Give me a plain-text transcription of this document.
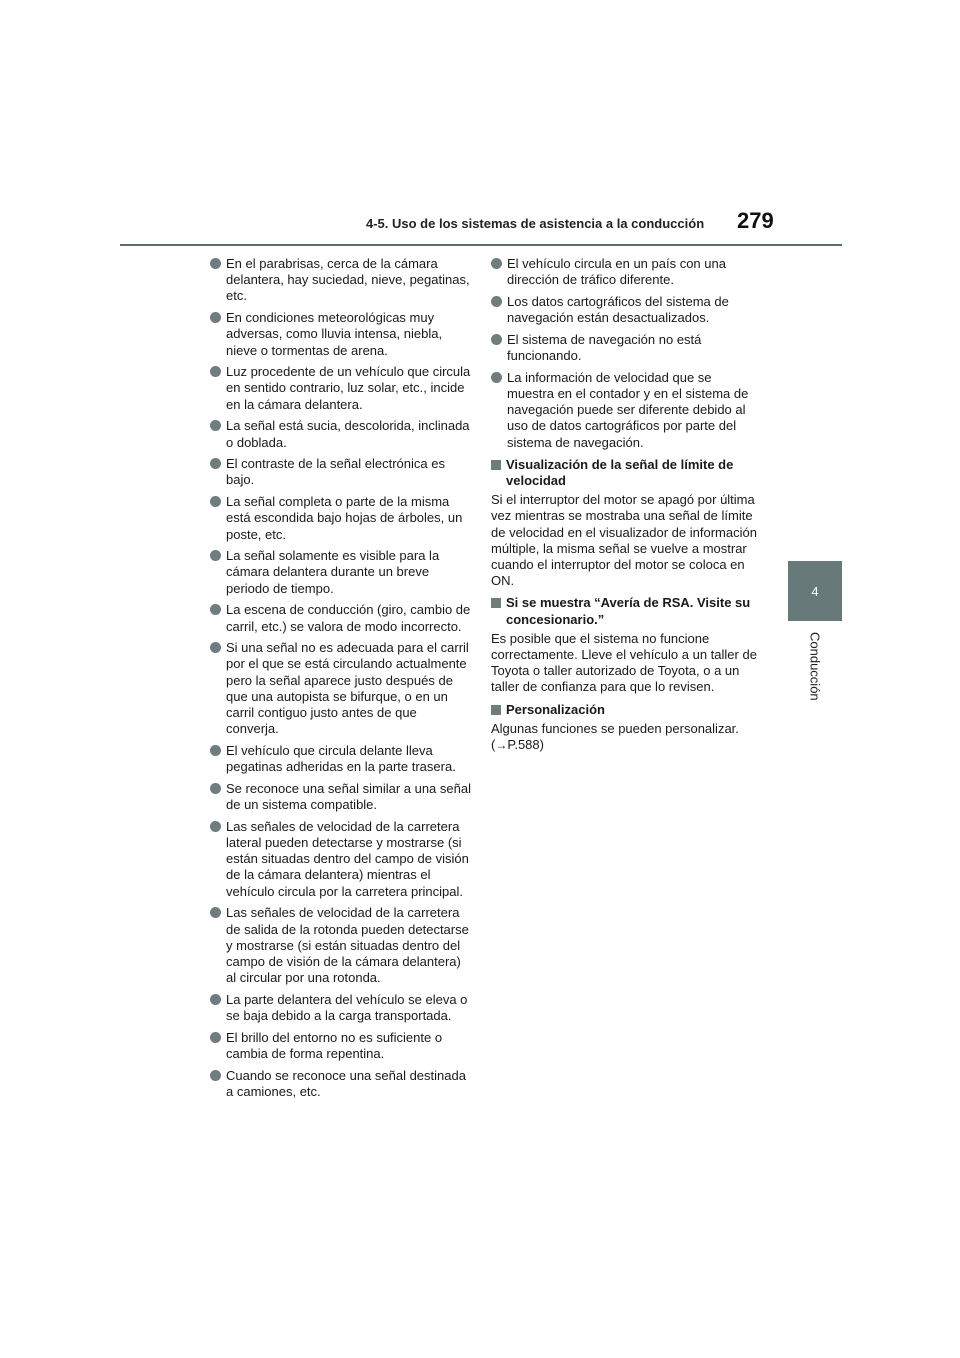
4-5. Uso de los sistemas de asistencia a la conducción 279
4
Conducción
En el parabrisas, cerca de la cámara delantera, hay suciedad, nieve, pegatinas, etc.
En condiciones meteorológicas muy adversas, como lluvia intensa, niebla, nieve o tormentas de arena.
Luz procedente de un vehículo que circula en sentido contrario, luz solar, etc., incide en la cámara delantera.
La señal está sucia, descolorida, inclinada o doblada.
El contraste de la señal electrónica es bajo.
La señal completa o parte de la misma está escondida bajo hojas de árboles, un poste, etc.
La señal solamente es visible para la cámara delantera durante un breve periodo de tiempo.
La escena de conducción (giro, cambio de carril, etc.) se valora de modo incorrecto.
Si una señal no es adecuada para el carril por el que se está circulando actualmente pero la señal aparece justo después de que una autopista se bifurque, o en un carril contiguo justo antes de que converja.
El vehículo que circula delante lleva pegatinas adheridas en la parte trasera.
Se reconoce una señal similar a una señal de un sistema compatible.
Las señales de velocidad de la carretera lateral pueden detectarse y mostrarse (si están situadas dentro del campo de visión de la cámara delantera) mientras el vehículo circula por la carretera principal.
Las señales de velocidad de la carretera de salida de la rotonda pueden detectarse y mostrarse (si están situadas dentro del campo de visión de la cámara delantera) al circular por una rotonda.
La parte delantera del vehículo se eleva o se baja debido a la carga transportada.
El brillo del entorno no es suficiente o cambia de forma repentina.
Cuando se reconoce una señal destinada a camiones, etc.
El vehículo circula en un país con una dirección de tráfico diferente.
Los datos cartográficos del sistema de navegación están desactualizados.
El sistema de navegación no está funcionando.
La información de velocidad que se muestra en el contador y en el sistema de navegación puede ser diferente debido al uso de datos cartográficos por parte del sistema de navegación.
Visualización de la señal de límite de velocidad
Si el interruptor del motor se apagó por última vez mientras se mostraba una señal de límite de velocidad en el visualizador de información múltiple, la misma señal se vuelve a mostrar cuando el interruptor del motor se coloca en ON.
Si se muestra “Avería de RSA. Visite su concesionario.”
Es posible que el sistema no funcione correctamente. Lleve el vehículo a un taller de Toyota o taller autorizado de Toyota, o a un taller de confianza para que lo revisen.
Personalización
Algunas funciones se pueden personalizar.
(→P.588)
